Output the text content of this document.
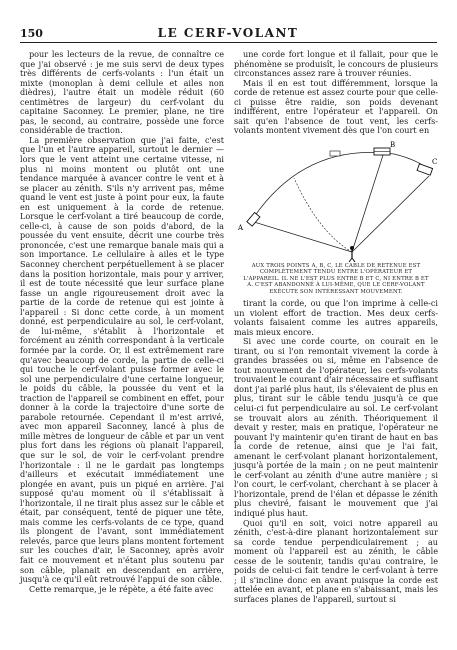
150	LE CERF-VOLANT

pour les lecteurs de la revue, de connaître ce que j'ai observé : je me suis servi de deux types très différents de cerfs-volants : l'un était un mixte (monoplan à demi cellule et ailes non dièdres), l'autre était un modèle réduit (60 centimètres de largeur) du cerf-volant du capitaine Saconney. Le premier, plane, ne tire pas, le second, au contraire, possède une force considérable de traction.

La première observation que j'ai faite, c'est que l'un et l'autre appareil, surtout le dernier — lors que le vent atteint une certaine vitesse, ni plus ni moins montent ou plutôt ont une tendance marquée à avancer contre le vent et à se placer au zénith. S'ils n'y arrivent pas, même quand le vent est juste à point pour eux, la faute en est uniquement à la corde de retenue. Lorsque le cerf-volant a tiré beaucoup de corde, celle-ci, à cause de son poids d'abord, de la poussée du vent ensuite, décrit une courbe très prononcée, c'est une remarque banale mais qui a son importance. Le cellulaire à ailes et le type Saconney cherchent perpétuellement à se placer dans la position horizontale, mais pour y arriver, il est de toute nécessité que leur surface plane fasse un angle rigoureusement droit avec la partie de la corde de retenue qui est jointe à l'appareil : Si donc cette corde, à un moment donné, est perpendiculaire au sol, le cerf-volant, de lui-même, s'établit à l'horizontale et forcément au zénith correspondant à la verticale formée par la corde. Or, il est extrêmement rare qu'avec beaucoup de corde, la partie de celle-ci qui touche le cerf-volant puisse former avec le sol une perpendiculaire d'une certaine longueur, le poids du câble, la poussée du vent et la traction de l'appareil se combinent en effet, pour donner à la corde la trajectoire d'une sorte de parabole retournée. Cependant il m'est arrivé, avec mon appareil Saconney, lancé à plus de mille mètres de longueur de câble et par un vent plus fort dans les régions où planait l'appareil, que sur le sol, de voir le cerf-volant prendre l'horizontale : il ne le gardait pas longtemps d'ailleurs et exécutait immédiatement une plongée en avant, puis un piqué en arrière. J'ai supposé qu'au moment où il s'établissait à l'horizontale, il ne tirait plus assez sur le câble et était, par conséquent, tenté de piquer une tête, mais comme les cerfs-volants de ce type, quand ils plongent de l'avant, sont immédiatement relevés, parce que leurs plans montent fortement sur les couches d'air, le Saconney, après avoir fait ce mouvement et n'étant plus soutenu par son câble, planait en descendant en arrière, jusqu'à ce qu'il eût retrouvé l'appui de son câble.

Cette remarque, je le répète, a été faite avec

une corde fort longue et il fallait, pour que le phénomène se produisît, le concours de plusieurs circonstances assez rare à trouver réunies.

Mais il en est tout différemment, lorsque la corde de retenue est assez courte pour que celle-ci puisse être raidie, son poids devenant indifférent, entre l'opérateur et l'appareil. On sait qu'en l'absence de tout vent, les cerfs-volants montent vivement dès que l'on court en

B
C
A
AUX TROIS POINTS A, B, C, LE CABLE DE RETENUE EST COMPLÈTEMENT TENDU ENTRE L'OPÉRATEUR ET L'APPAREIL. IL NE L'EST PLUS ENTRE B ET C, NI ENTRE B ET A. C'EST ABANDONNÉ À LUI-MÊME, QUE LE CERF-VOLANT EXÉCUTE SON INTÉRESSANT MOUVEMENT.

tirant la corde, ou que l'on imprime à celle-ci un violent effort de traction. Mes deux cerfs-volants faisaient comme les autres appareils, mais mieux encore.

Si avec une corde courte, on courait en le tirant, ou si l'on remontait vivement la corde à grandes brassées ou si, même en l'absence de tout mouvement de l'opérateur, les cerfs-volants trouvaient le courant d'air nécessaire et suffisant dont j'ai parlé plus haut, ils s'élevaient de plus en plus, tirant sur le câble tendu jusqu'à ce que celui-ci fut perpendiculaire au sol. Le cerf-volant se trouvait alors au zénith. Théoriquement il devait y rester, mais en pratique, l'opérateur ne pouvant l'y maintenir qu'en tirant de haut en bas la corde de retenue, ainsi que je l'ai fait, amenant le cerf-volant planant horizontalement, jusqu'à portée de la main ; on ne peut maintenir le cerf-volant au zénith d'une autre manière ; si l'on court, le cerf-volant, cherchant à se placer à l'horizontale, prend de l'élan et dépasse le zénith plus cheviré, faisant le mouvement que j'ai indiqué plus haut.

Quoi qu'il en soit, voici notre appareil au zénith, c'est-à-dire planant horizontalement sur sa corde tendue perpendiculairement ; au moment où l'appareil est au zénith, le câble cesse de le soutenir, tandis qu'au contraire, le poids de celui-ci fait tendre le cerf-volant à terre ; il s'incline donc en avant puisque la corde est attelée en avant, et plane en s'abaissant, mais les surfaces planes de l'appareil, surtout si
